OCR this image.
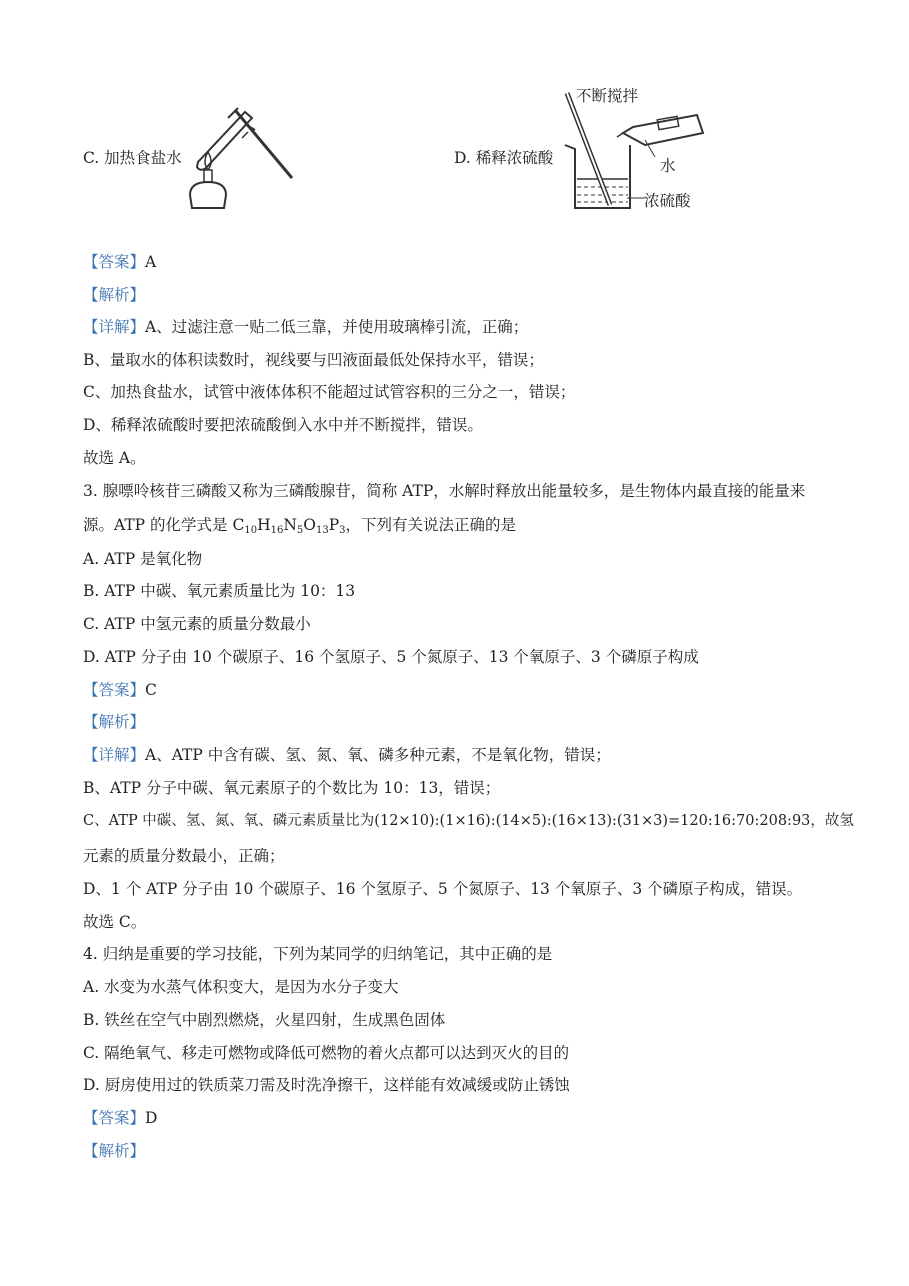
C. 加热食盐水	D. 稀释浓硫酸
不断搅拌
水
浓硫酸
【答案】A
【解析】
【详解】A、过滤注意一贴二低三靠，并使用玻璃棒引流，正确；
B、量取水的体积读数时，视线要与凹液面最低处保持水平，错误；
C、加热食盐水，试管中液体体积不能超过试管容积的三分之一，错误；
D、稀释浓硫酸时要把浓硫酸倒入水中并不断搅拌，错误。
故选 A。
3. 腺嘌呤核苷三磷酸又称为三磷酸腺苷，简称 ATP，水解时释放出能量较多，是生物体内最直接的能量来
源。ATP 的化学式是 $C_{10}H_{16}N_5O_{13}P_3$，下列有关说法正确的是
A. ATP 是氧化物
B. ATP 中碳、氧元素质量比为 10：13
C. ATP 中氢元素的质量分数最小
D. ATP 分子由 10 个碳原子、16 个氢原子、5 个氮原子、13 个氧原子、3 个磷原子构成
【答案】C
【解析】
【详解】A、ATP 中含有碳、氢、氮、氧、磷多种元素，不是氧化物，错误；
B、ATP 分子中碳、氧元素原子的个数比为 10：13，错误；
C、ATP 中碳、氢、氮、氧、磷元素质量比为(12×10):(1×16):(14×5):(16×13):(31×3)=120:16:70:208:93，故氢
元素的质量分数最小，正确；
D、1 个 ATP 分子由 10 个碳原子、16 个氢原子、5 个氮原子、13 个氧原子、3 个磷原子构成，错误。
故选 C。
4. 归纳是重要的学习技能，下列为某同学的归纳笔记，其中正确的是
A. 水变为水蒸气体积变大，是因为水分子变大
B. 铁丝在空气中剧烈燃烧，火星四射，生成黑色固体
C. 隔绝氧气、移走可燃物或降低可燃物的着火点都可以达到灭火的目的
D. 厨房使用过的铁质菜刀需及时洗净擦干，这样能有效减缓或防止锈蚀
【答案】D
【解析】
